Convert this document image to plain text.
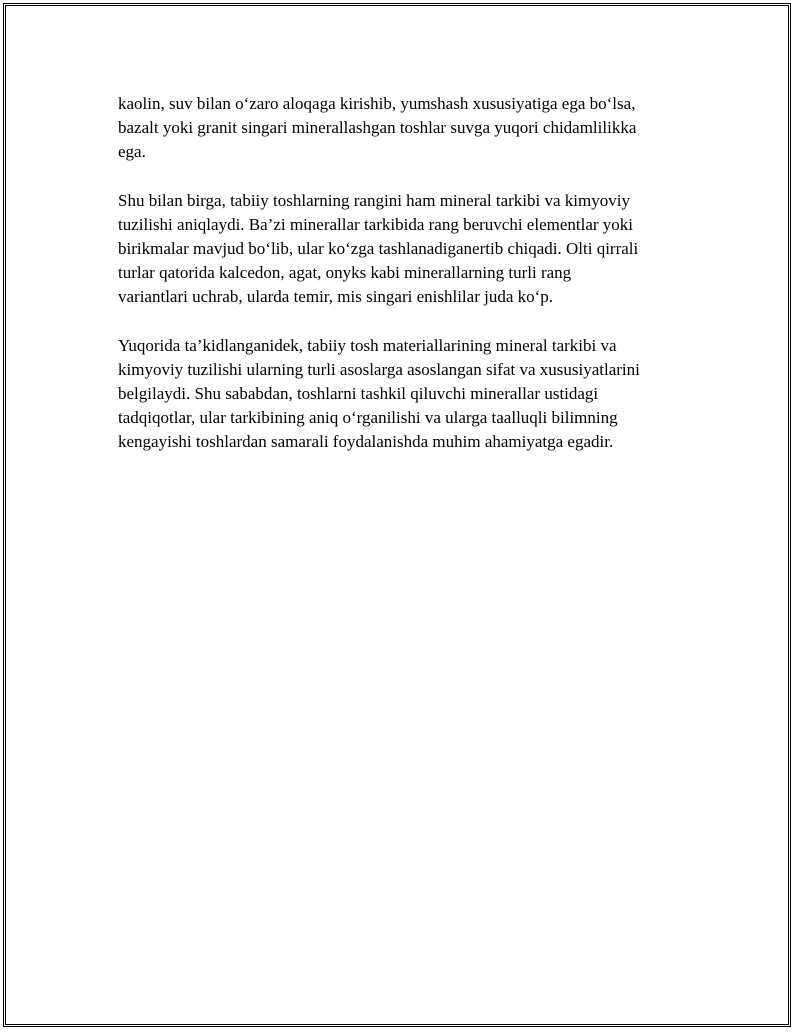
kaolin, suv bilan o‘zaro aloqaga kirishib, yumshash xususiyatiga ega bo‘lsa,
bazalt yoki granit singari minerallashgan toshlar suvga yuqori chidamlilikka
ega.

Shu bilan birga, tabiiy toshlarning rangini ham mineral tarkibi va kimyoviy
tuzilishi aniqlaydi. Ba’zi minerallar tarkibida rang beruvchi elementlar yoki
birikmalar mavjud bo‘lib, ular ko‘zga tashlanadiganertib chiqadi. Olti qirrali
turlar qatorida kalcedon, agat, onyks kabi minerallarning turli rang
variantlari uchrab, ularda temir, mis singari enishlilar juda ko‘p.

Yuqorida ta’kidlanganidek, tabiiy tosh materiallarining mineral tarkibi va
kimyoviy tuzilishi ularning turli asoslarga asoslangan sifat va xususiyatlarini
belgilaydi. Shu sababdan, toshlarni tashkil qiluvchi minerallar ustidagi
tadqiqotlar, ular tarkibining aniq o‘rganilishi va ularga taalluqli bilimning
kengayishi toshlardan samarali foydalanishda muhim ahamiyatga egadir.
